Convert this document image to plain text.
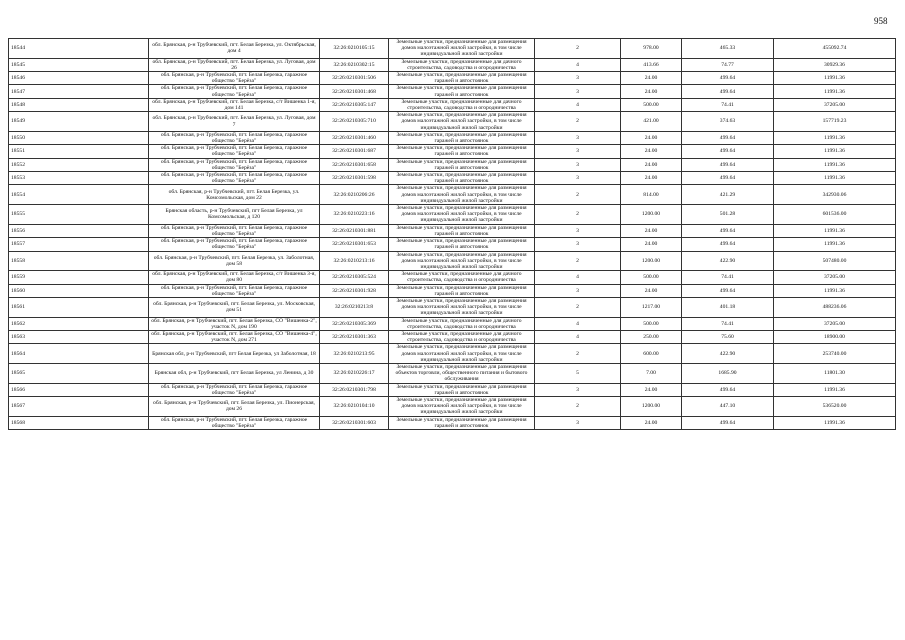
958
18544	обл. Брянская, р-н Трубчевский, пгт. Белая Березка, ул. Октябрьская, дом 4	32:26:0210105:15	Земельные участки, предназначенные для размещения домов малоэтажной жилой застройки, в том числе индивидуальной жилой застройки	2	978.00	465.33	455092.74
18545	обл. Брянская, р-н Трубчевский, пгт. Белая Березка, ул. Луговая, дом 26	32:26:0210302:15	Земельные участки, предназначенные для дачного строительства, садоводства и огородничества	4	413.66	74.77	30929.36
18546	обл. Брянская, р-н Трубчевский, пгт. Белая Березка, гаражное общество "Берёза"	32:26:0210301:506	Земельные участки, предназначенные для размещения гаражей и автостоянок	3	24.00	499.64	11991.36
18547	обл. Брянская, р-н Трубчевский, пгт. Белая Березка, гаражное общество "Берёза"	32:26:0210301:468	Земельные участки, предназначенные для размещения гаражей и автостоянок	3	24.00	499.64	11991.36
18548	обл. Брянская, р-н Трубчевский, пгт. Белая Березка, с/т Вишенка 1-я, дом 141	32:26:0210305:147	Земельные участки, предназначенные для дачного строительства, садоводства и огородничества	4	500.00	74.41	37205.00
18549	обл. Брянская, р-н Трубчевский, пгт. Белая Березка, ул. Луговая, дом 7	32:26:0210305:710	Земельные участки, предназначенные для размещения домов малоэтажной жилой застройки, в том числе индивидуальной жилой застройки	2	421.00	374.63	157719.23
18550	обл. Брянская, р-н Трубчевский, пгт. Белая Березка, гаражное общество "Берёза"	32:26:0210301:460	Земельные участки, предназначенные для размещения гаражей и автостоянок	3	24.00	499.64	11991.36
18551	обл. Брянская, р-н Трубчевский, пгт. Белая Березка, гаражное общество "Берёза"	32:26:0210301:687	Земельные участки, предназначенные для размещения гаражей и автостоянок	3	24.00	499.64	11991.36
18552	обл. Брянская, р-н Трубчевский, пгт. Белая Березка, гаражное общество "Берёза"	32:26:0210301:658	Земельные участки, предназначенные для размещения гаражей и автостоянок	3	24.00	499.64	11991.36
18553	обл. Брянская, р-н Трубчевский, пгт. Белая Березка, гаражное общество "Берёза"	32:26:0210301:598	Земельные участки, предназначенные для размещения гаражей и автостоянок	3	24.00	499.64	11991.36
18554	обл. Брянская, р-н Трубчевский, пгт. Белая Березка, ул. Комсомольская, дом 22	32:26:0210206:26	Земельные участки, предназначенные для размещения домов малоэтажной жилой застройки, в том числе индивидуальной жилой застройки	2	814.00	421.29	342930.06
18555	Брянская область, р-н Трубчевский, пгт Белая Березка, ул Комсомольская, д 120	32:26:0210223:16	Земельные участки, предназначенные для размещения домов малоэтажной жилой застройки, в том числе индивидуальной жилой застройки	2	1200.00	501.28	601536.00
18556	обл. Брянская, р-н Трубчевский, пгт. Белая Березка, гаражное общество "Берёза"	32:26:0210301:881	Земельные участки, предназначенные для размещения гаражей и автостоянок	3	24.00	499.64	11991.36
18557	обл. Брянская, р-н Трубчевский, пгт. Белая Березка, гаражное общество "Берёза"	32:26:0210301:653	Земельные участки, предназначенные для размещения гаражей и автостоянок	3	24.00	499.64	11991.36
18558	обл. Брянская, р-н Трубчевский, пгт. Белая Березка, ул. Заболотная, дом 58	32:26:0210213:16	Земельные участки, предназначенные для размещения домов малоэтажной жилой застройки, в том числе индивидуальной жилой застройки	2	1200.00	422.90	507480.00
18559	обл. Брянская, р-н Трубчевский, пгт. Белая Березка, с/т Вишенка 3-я, дом 80	32:26:0210305:524	Земельные участки, предназначенные для дачного строительства, садоводства и огородничества	4	500.00	74.41	37205.00
18560	обл. Брянская, р-н Трубчевский, пгт. Белая Березка, гаражное общество "Берёза"	32:26:0210301:928	Земельные участки, предназначенные для размещения гаражей и автостоянок	3	24.00	499.64	11991.36
18561	обл. Брянская, р-н Трубчевский, пгт. Белая Березка, ул. Московская, дом 51	32:26:0210213:8	Земельные участки, предназначенные для размещения домов малоэтажной жилой застройки, в том числе индивидуальной жилой застройки	2	1217.00	401.18	488236.06
18562	обл. Брянская, р-н Трубчевский, пгт. Белая Березка, СО "Вишенка-2", участок N, дом 190	32:26:0210305:369	Земельные участки, предназначенные для дачного строительства, садоводства и огородничества	4	500.00	74.41	37205.00
18563	обл. Брянская, р-н Трубчевский, пгт. Белая Березка, СО "Вишенка-4", участок N, дом 271	32:26:0210301:363	Земельные участки, предназначенные для дачного строительства, садоводства и огородничества	4	250.00	75.60	18900.00
18564	Брянская обл, р-н Трубчевский, пгт Белая Березка, ул Заболотная, 18	32:26:0210213:95	Земельные участки, предназначенные для размещения домов малоэтажной жилой застройки, в том числе индивидуальной жилой застройки	2	600.00	422.90	253740.00
18565	Брянская обл, р-н Трубчевский, пгт Белая Березка, ул Ленина, д 30	32:26:0210226:17	Земельные участки, предназначенные для размещения объектов торговли, общественного питания и бытового обслуживания	5	7.00	1685.90	11801.30
18566	обл. Брянская, р-н Трубчевский, пгт. Белая Березка, гаражное общество "Берёза"	32:26:0210301:798	Земельные участки, предназначенные для размещения гаражей и автостоянок	3	24.00	499.64	11991.36
18567	обл. Брянская, р-н Трубчевский, пгт. Белая Березка, ул. Пионерская, дом 26	32:26:0210104:10	Земельные участки, предназначенные для размещения домов малоэтажной жилой застройки, в том числе индивидуальной жилой застройки	2	1200.00	447.10	536520.00
18568	обл. Брянская, р-н Трубчевский, пгт. Белая Березка, гаражное общество "Берёза"	32:26:0210301:603	Земельные участки, предназначенные для размещения гаражей и автостоянок	3	24.00	499.64	11991.36
